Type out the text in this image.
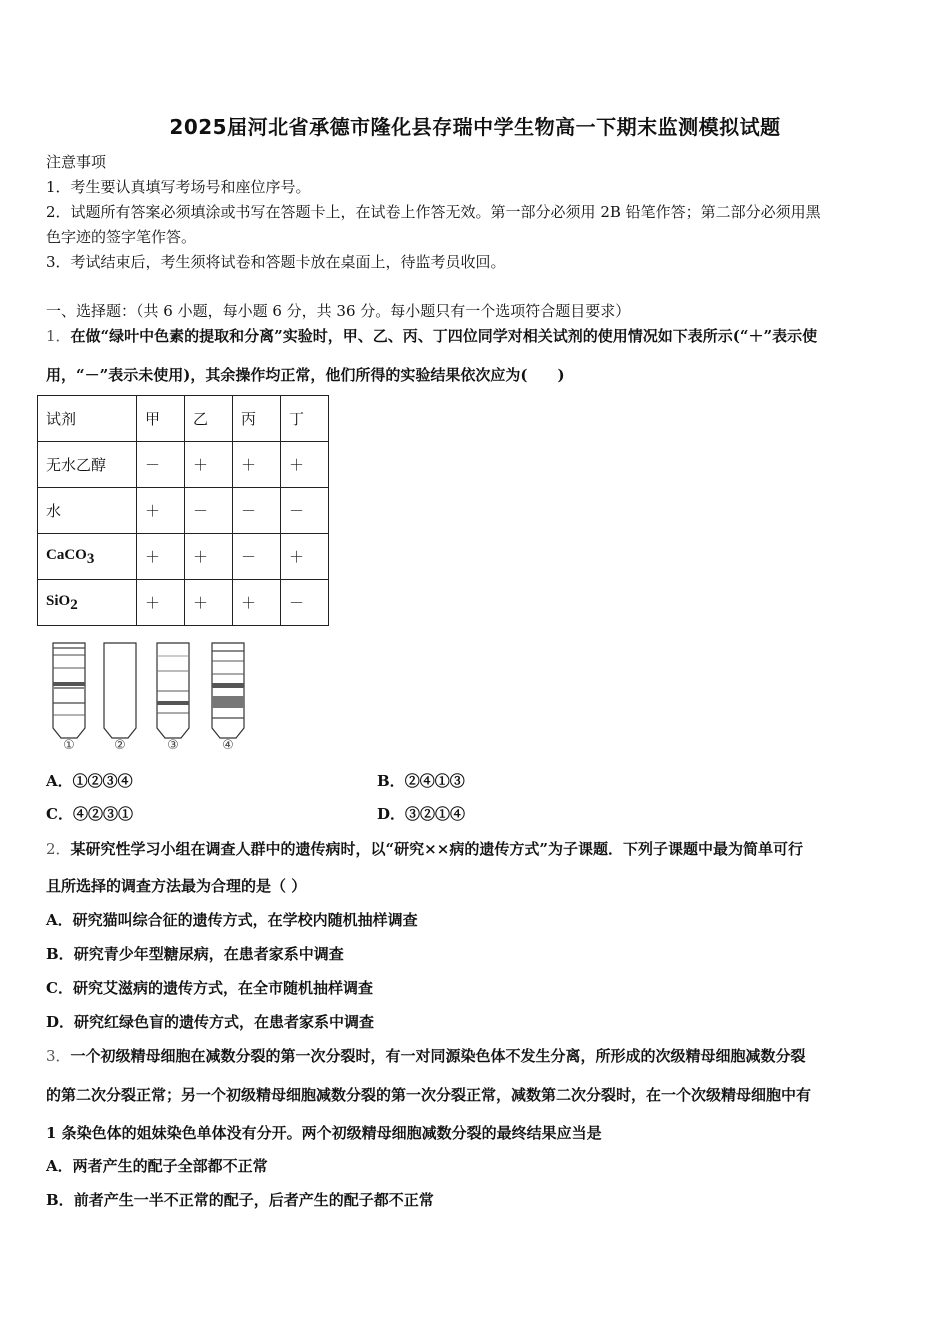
2025届河北省承德市隆化县存瑞中学生物高一下期末监测模拟试题
注意事项
1．考生要认真填写考场号和座位序号。
2．试题所有答案必须填涂或书写在答题卡上，在试卷上作答无效。第一部分必须用 2B 铅笔作答；第二部分必须用黑
色字迹的签字笔作答。
3．考试结束后，考生须将试卷和答题卡放在桌面上，待监考员收回。
一、选择题：（共 6 小题，每小题 6 分，共 36 分。每小题只有一个选项符合题目要求）
1．在做“绿叶中色素的提取和分离”实验时，甲、乙、丙、丁四位同学对相关试剂的使用情况如下表所示(“＋”表示使
用，“－”表示未使用)，其余操作均正常，他们所得的实验结果依次应为(　　)
试剂	甲	乙	丙	丁
无水乙醇	－	＋	＋	＋
水	＋	－	－	－
CaCO$_3$	＋	＋	－	＋
SiO$_2$	＋	＋	＋	－
①	②	③	④
A．①②③④	B．②④①③
C．④②③①	D．③②①④
2．某研究性学习小组在调查人群中的遗传病时，以“研究××病的遗传方式”为子课题．下列子课题中最为简单可行
且所选择的调查方法最为合理的是（ ）
A．研究猫叫综合征的遗传方式，在学校内随机抽样调查
B．研究青少年型糖尿病，在患者家系中调查
C．研究艾滋病的遗传方式，在全市随机抽样调查
D．研究红绿色盲的遗传方式，在患者家系中调查
3．一个初级精母细胞在减数分裂的第一次分裂时，有一对同源染色体不发生分离，所形成的次级精母细胞减数分裂
的第二次分裂正常；另一个初级精母细胞减数分裂的第一次分裂正常，减数第二次分裂时，在一个次级精母细胞中有
1 条染色体的姐妹染色单体没有分开。两个初级精母细胞减数分裂的最终结果应当是
A．两者产生的配子全部都不正常
B．前者产生一半不正常的配子，后者产生的配子都不正常
